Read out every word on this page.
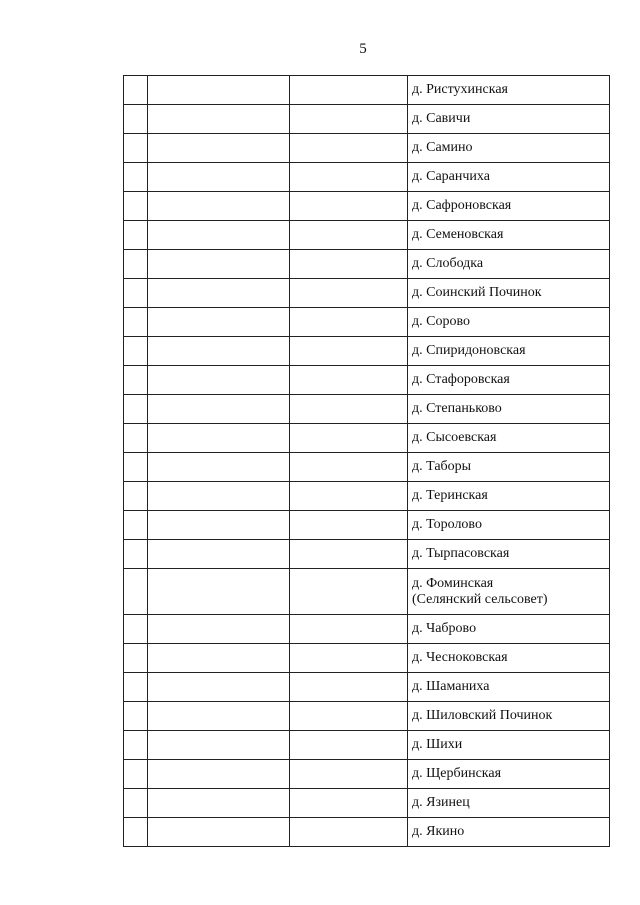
5
			д. Ристухинская
			д. Савичи
			д. Самино
			д. Саранчиха
			д. Сафроновская
			д. Семеновская
			д. Слободка
			д. Соинский Починок
			д. Сорово
			д. Спиридоновская
			д. Стафоровская
			д. Степаньково
			д. Сысоевская
			д. Таборы
			д. Теринская
			д. Торолово
			д. Тырпасовская
			д. Фоминская
(Селянский сельсовет)
			д. Чаброво
			д. Чесноковская
			д. Шаманиха
			д. Шиловский Починок
			д. Шихи
			д. Щербинская
			д. Язинец
			д. Якино
